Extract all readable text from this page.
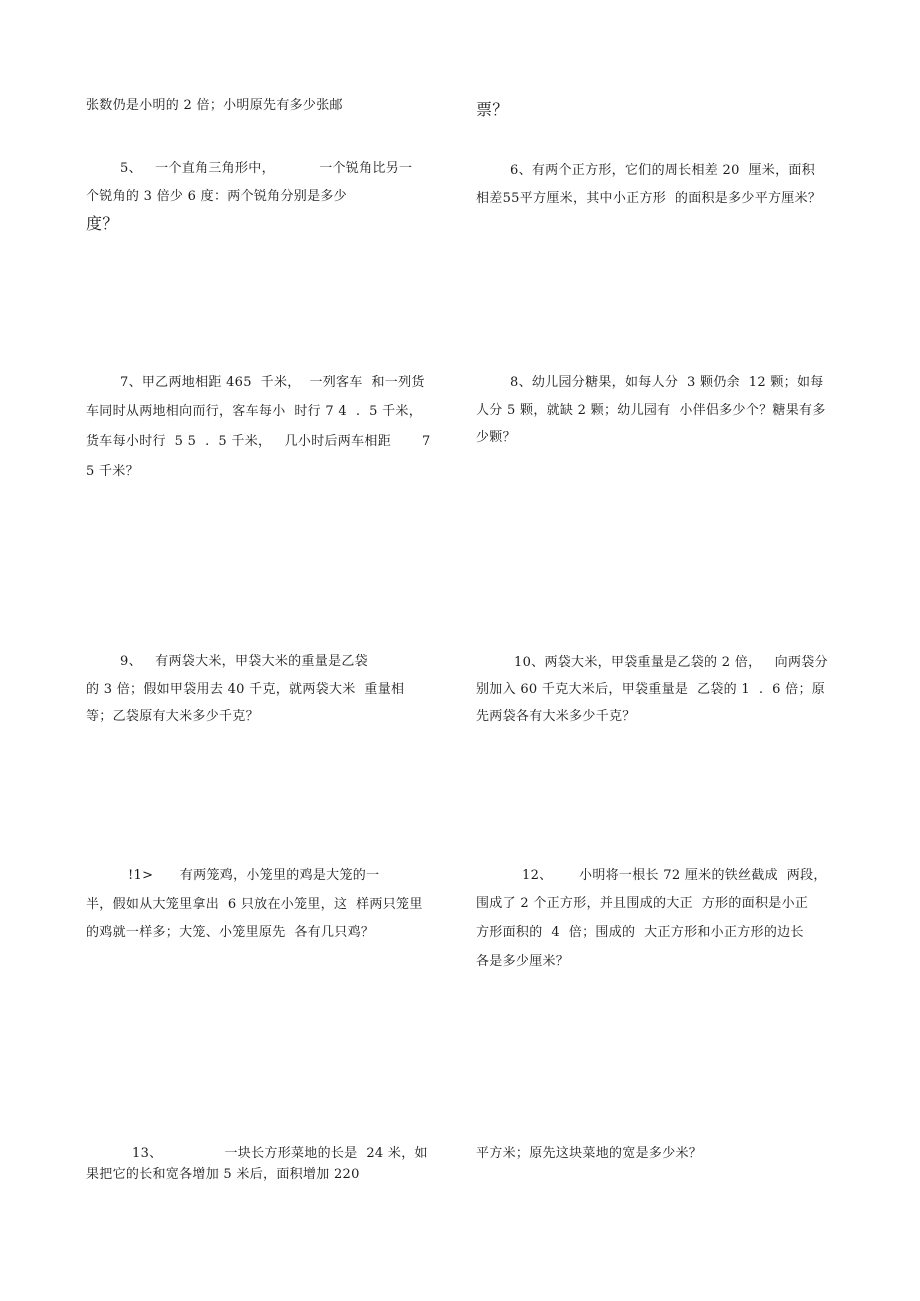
张数仍是小明的 2 倍；小明原先有多少张邮	票？
5、   一个直角三角形中，          一个锐角比另一
个锐角的 3 倍少 6 度：两个锐角分别是多少
度？
6、有两个正方形，它们的周长相差 20  厘米，面积
相差55平方厘米，其中小正方形  的面积是多少平方厘米？
7、甲乙两地相距 465  千米，  一列客车  和一列货
车同时从两地相向而行，客车每小  时行 7 4  .  5 千米，
货车每小时行  5 5  .  5 千米，   几小时后两车相距       7
5 千米？
8、幼儿园分糖果，如每人分  3 颗仍余  12 颗；如每
人分 5 颗，就缺 2 颗；幼儿园有  小伴侣多少个？糖果有多
少颗？
9、   有两袋大米，甲袋大米的重量是乙袋
的 3 倍；假如甲袋用去 40 千克，就两袋大米  重量相
等；乙袋原有大米多少千克？
10、两袋大米，甲袋重量是乙袋的 2 倍，   向两袋分
别加入 60 千克大米后，甲袋重量是  乙袋的 1  .  6 倍；原
先两袋各有大米多少千克？
!1>      有两笼鸡，小笼里的鸡是大笼的一
半，假如从大笼里拿出  6 只放在小笼里，这  样两只笼里
的鸡就一样多；大笼、小笼里原先  各有几只鸡？
12、      小明将一根长 72 厘米的铁丝截成  两段，
围成了 2 个正方形，并且围成的大正  方形的面积是小正
方形面积的  4  倍；围成的  大正方形和小正方形的边长
各是多少厘米？
13、              一块长方形菜地的长是  24 米，如
果把它的长和宽各增加 5 米后，面积增加 220
平方米；原先这块菜地的宽是多少米？
